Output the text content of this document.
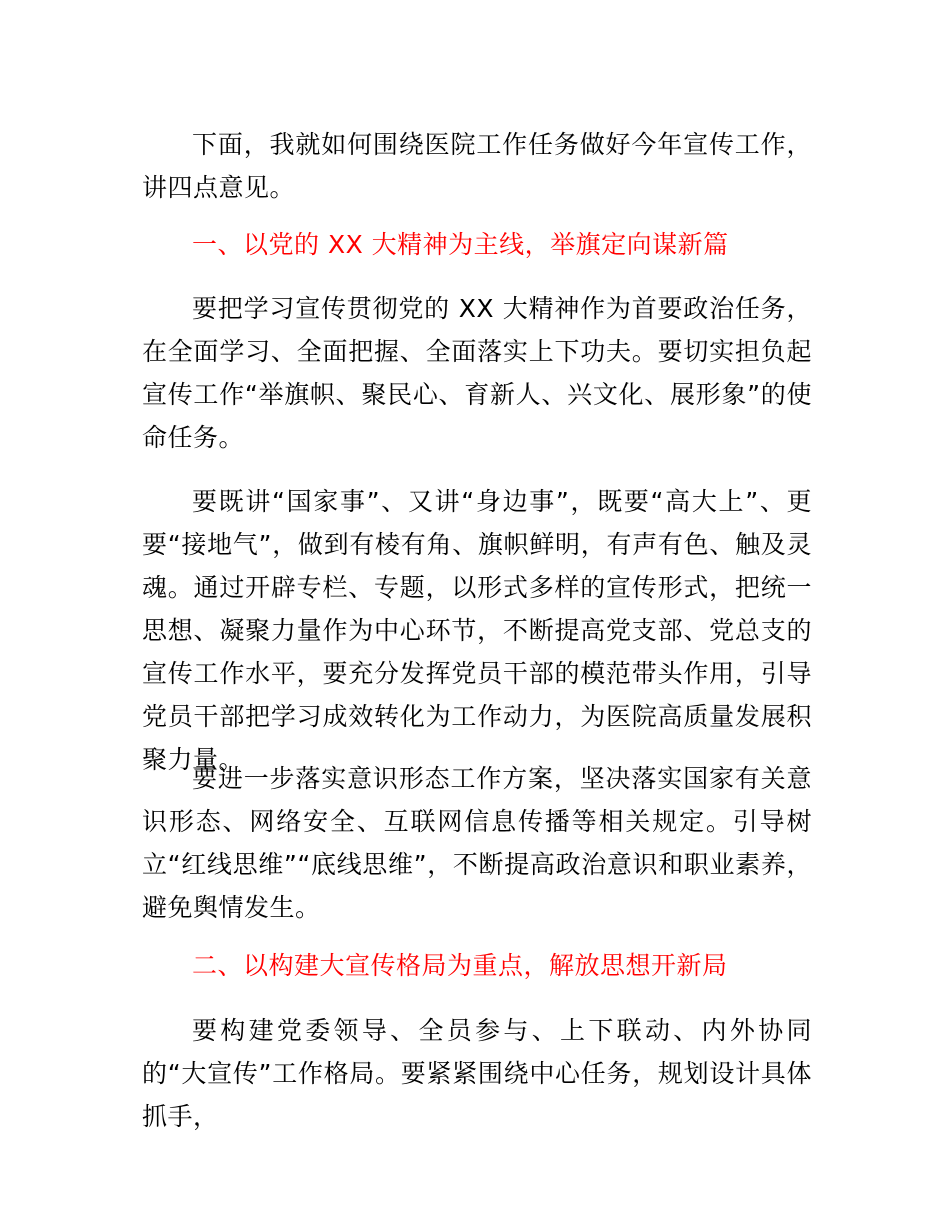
下面，我就如何围绕医院工作任务做好今年宣传工作，讲四点意见。

一、以党的 XX 大精神为主线，举旗定向谋新篇

要把学习宣传贯彻党的 XX 大精神作为首要政治任务，在全面学习、全面把握、全面落实上下功夫。要切实担负起宣传工作“举旗帜、聚民心、育新人、兴文化、展形象”的使命任务。

要既讲“国家事”、又讲“身边事”，既要“高大上”、更要“接地气”，做到有棱有角、旗帜鲜明，有声有色、触及灵魂。通过开辟专栏、专题，以形式多样的宣传形式，把统一思想、凝聚力量作为中心环节，不断提高党支部、党总支的宣传工作水平，要充分发挥党员干部的模范带头作用，引导党员干部把学习成效转化为工作动力，为医院高质量发展积聚力量。

要进一步落实意识形态工作方案，坚决落实国家有关意识形态、网络安全、互联网信息传播等相关规定。引导树立“红线思维”“底线思维”，不断提高政治意识和职业素养，避免舆情发生。

二、以构建大宣传格局为重点，解放思想开新局

要构建党委领导、全员参与、上下联动、内外协同的“大宣传”工作格局。要紧紧围绕中心任务，规划设计具体抓手，
